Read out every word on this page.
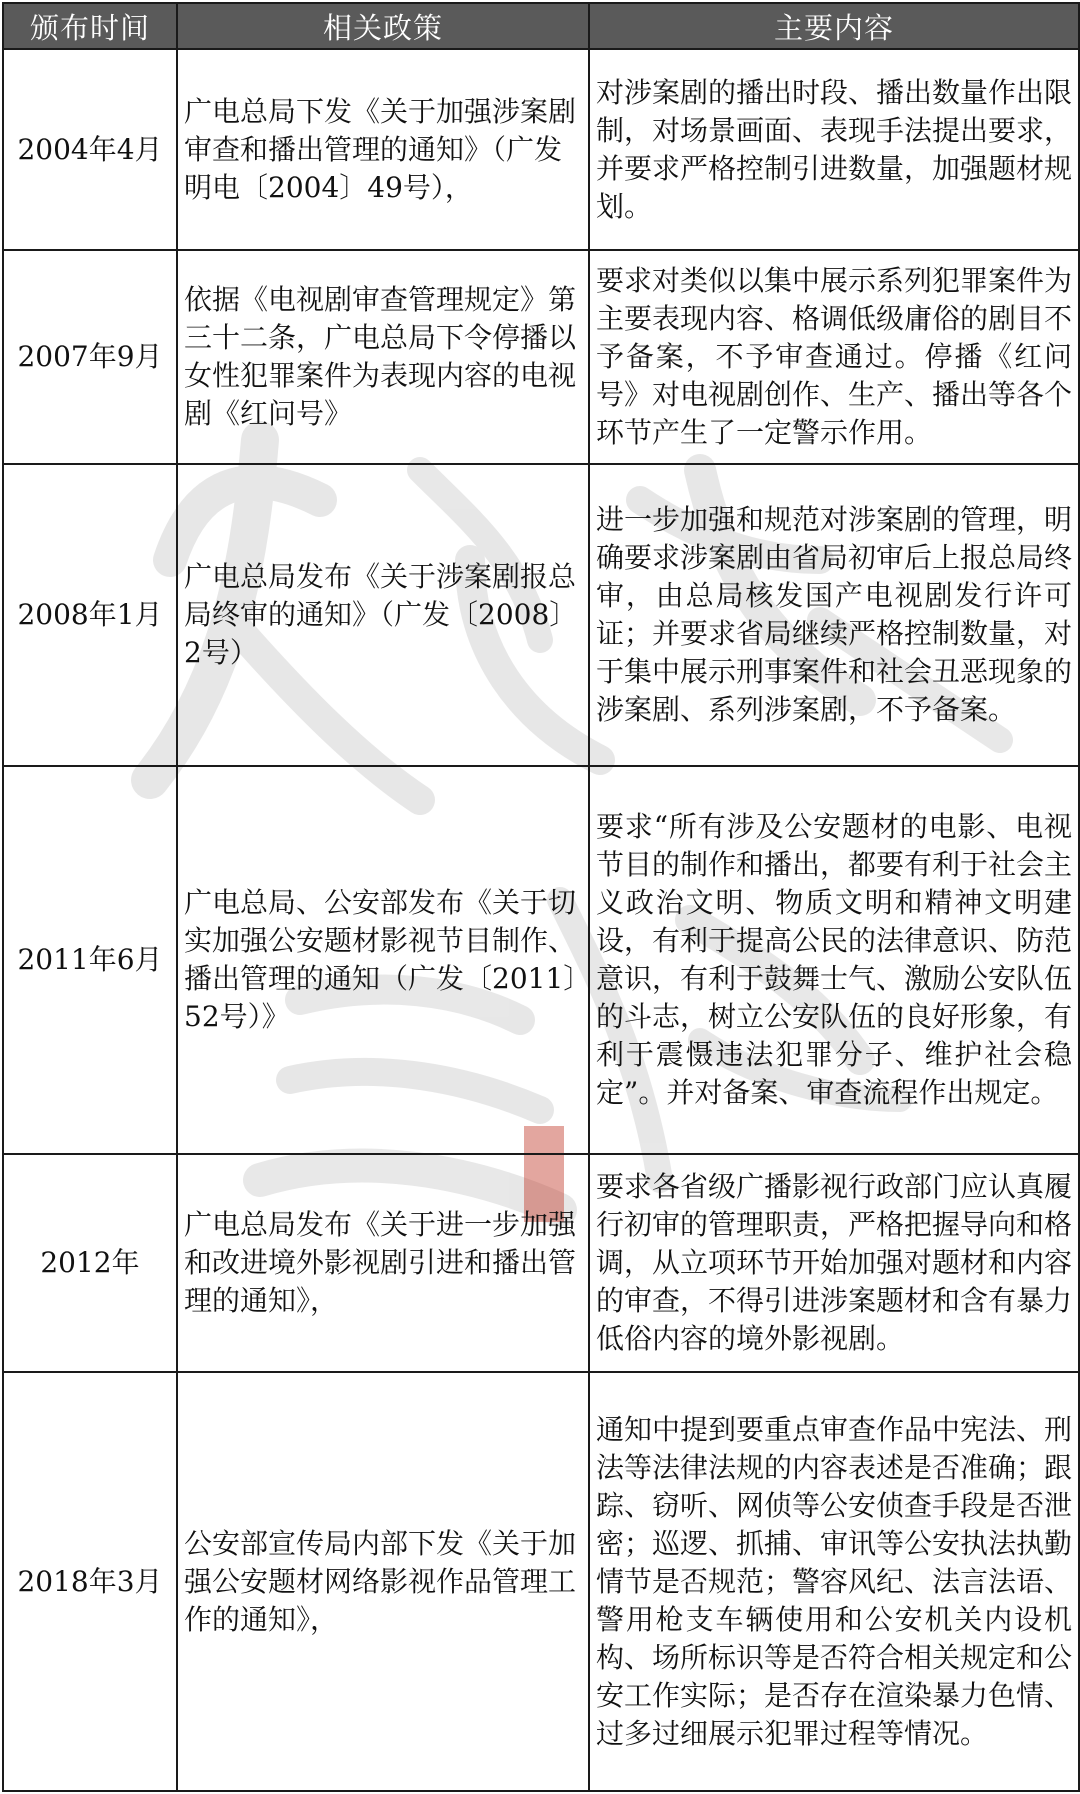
颁布时间	相关政策	主要内容
2004年4月	广电总局下发《关于加强涉案剧审查和播出管理的通知》（广发明电〔2004〕49号），	对涉案剧的播出时段、播出数量作出限制，对场景画面、表现手法提出要求，并要求严格控制引进数量，加强题材规划。
2007年9月	依据《电视剧审查管理规定》第三十二条，广电总局下令停播以女性犯罪案件为表现内容的电视剧《红问号》	要求对类似以集中展示系列犯罪案件为主要表现内容、格调低级庸俗的剧目不予备案，不予审查通过。停播《红问号》对电视剧创作、生产、播出等各个环节产生了一定警示作用。
2008年1月	广电总局发布《关于涉案剧报总局终审的通知》（广发〔2008〕2号）	进一步加强和规范对涉案剧的管理，明确要求涉案剧由省局初审后上报总局终审，由总局核发国产电视剧发行许可证；并要求省局继续严格控制数量，对于集中展示刑事案件和社会丑恶现象的涉案剧、系列涉案剧，不予备案。
2011年6月	广电总局、公安部发布《关于切实加强公安题材影视节目制作、播出管理的通知（广发〔2011〕52号）》	要求“所有涉及公安题材的电影、电视节目的制作和播出，都要有利于社会主义政治文明、物质文明和精神文明建设，有利于提高公民的法律意识、防范意识，有利于鼓舞士气、激励公安队伍的斗志，树立公安队伍的良好形象，有利于震慑违法犯罪分子、维护社会稳定”。并对备案、审查流程作出规定。
2012年	广电总局发布《关于进一步加强和改进境外影视剧引进和播出管理的通知》，	要求各省级广播影视行政部门应认真履行初审的管理职责，严格把握导向和格调，从立项环节开始加强对题材和内容的审查，不得引进涉案题材和含有暴力低俗内容的境外影视剧。
2018年3月	公安部宣传局内部下发《关于加强公安题材网络影视作品管理工作的通知》，	通知中提到要重点审查作品中宪法、刑法等法律法规的内容表述是否准确；跟踪、窃听、网侦等公安侦查手段是否泄密；巡逻、抓捕、审讯等公安执法执勤情节是否规范；警容风纪、法言法语、警用枪支车辆使用和公安机关内设机构、场所标识等是否符合相关规定和公安工作实际；是否存在渲染暴力色情、过多过细展示犯罪过程等情况。
